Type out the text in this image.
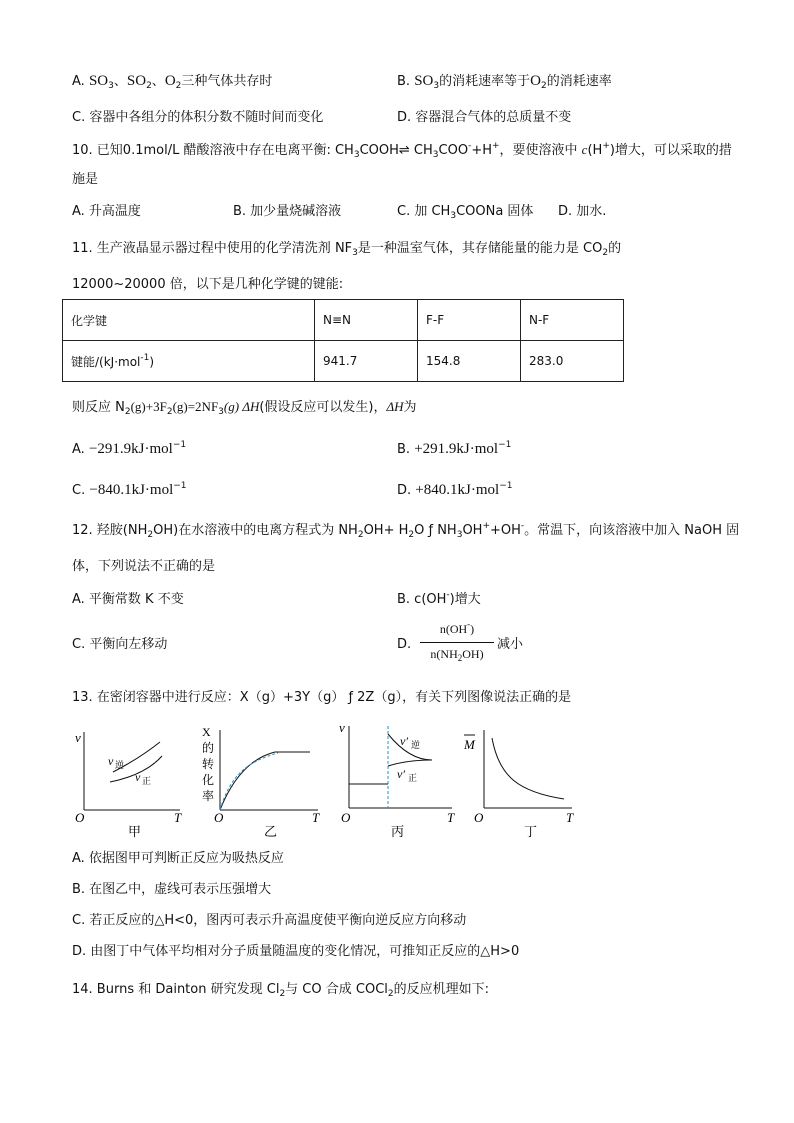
A. $SO_3$、$SO_2$、$O_2$三种气体共存时	B. $SO_3$的消耗速率等于$O_2$的消耗速率
C. 容器中各组分的体积分数不随时间而变化	D. 容器混合气体的总质量不变
10. 已知0.1mol/L 醋酸溶液中存在电离平衡: $CH_3COOH\rightleftharpoons$ $CH_3COO^-+H^+$，要使溶液中 c(H+)增大，可以采取的措
施是
A. 升高温度	B. 加少量烧碱溶液	C. 加 $CH_3COONa$ 固体 D. 加水.
11. 生产液晶显示器过程中使用的化学清洗剂 $NF_3$是一种温室气体，其存储能量的能力是 $CO_2$的
12000~20000 倍，以下是几种化学键的键能:
化学键	N≡N	F-F	N-F
键能/(kJ·mol$^{-1}$)	941.7	154.8	283.0
则反应 $N_2(g)+3F_2(g)=2NF_3(g)$ ΔH(假设反应可以发生)，ΔH为
A. −291.9kJ·mol$^{-1}$	B. +291.9kJ·mol$^{-1}$
C. −840.1kJ·mol$^{-1}$	D. +840.1kJ·mol$^{-1}$
12. 羟胺$(NH_2OH)$在水溶液中的电离方程式为 $NH_2OH+ H_2O$ ƒ $NH_3OH^++OH^-$。常温下，向该溶液中加入 NaOH 固
体，下列说法不正确的是
A. 平衡常数 K 不变	B. c(OH-)增大
C. 平衡向左移动	D.
n(OH-)
$n(NH_2OH)$
减小
13. 在密闭容器中进行反应：X（g）+3Y（g） ƒ 2Z（g），有关下列图像说法正确的是
v
v 逆
v 正
O	T
甲
X
的
转
化
率
O	T
乙
v
v′ 逆
v′ 正
O	T
丙
M
O	T
丁
A. 依据图甲可判断正反应为吸热反应
B. 在图乙中，虚线可表示压强增大
C. 若正反应的△H<0，图丙可表示升高温度使平衡向逆反应方向移动
D. 由图丁中气体平均相对分子质量随温度的变化情况，可推知正反应的△H>0
14. Burns 和 Dainton 研究发现 $Cl_2$与 CO 合成 COCl$_2$的反应机理如下:
